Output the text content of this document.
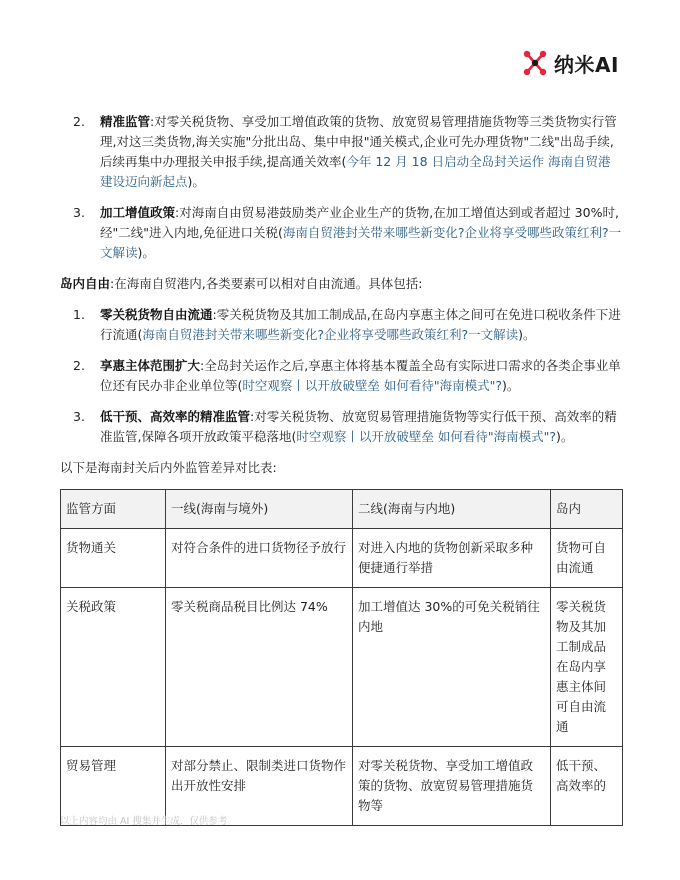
纳米AI
2. 精准监管:对零关税货物、享受加工增值政策的货物、放宽贸易管理措施货物等三类货物实行管理,对这三类货物,海关实施"分批出岛、集中申报"通关模式,企业可先办理货物"二线"出岛手续,后续再集中办理报关申报手续,提高通关效率(今年 12 月 18 日启动全岛封关运作 海南自贸港建设迈向新起点)。
3. 加工增值政策:对海南自由贸易港鼓励类产业企业生产的货物,在加工增值达到或者超过 30%时,经"二线"进入内地,免征进口关税(海南自贸港封关带来哪些新变化?企业将享受哪些政策红利?一文解读)。

岛内自由:在海南自贸港内,各类要素可以相对自由流通。具体包括:

1. 零关税货物自由流通:零关税货物及其加工制成品,在岛内享惠主体之间可在免进口税收条件下进行流通(海南自贸港封关带来哪些新变化?企业将享受哪些政策红利?一文解读)。
2. 享惠主体范围扩大:全岛封关运作之后,享惠主体将基本覆盖全岛有实际进口需求的各类企事业单位还有民办非企业单位等(时空观察丨以开放破壁垒 如何看待"海南模式"?)。
3. 低干预、高效率的精准监管:对零关税货物、放宽贸易管理措施货物等实行低干预、高效率的精准监管,保障各项开放政策平稳落地(时空观察丨以开放破壁垒 如何看待"海南模式"?)。

以下是海南封关后内外监管差异对比表:

监管方面	一线(海南与境外)	二线(海南与内地)	岛内
货物通关	对符合条件的进口货物径予放行	对进入内地的货物创新采取多种便捷通行举措	货物可自由流通
关税政策	零关税商品税目比例达 74%	加工增值达 30%的可免关税销往内地	零关税货物及其加工制成品在岛内享惠主体间可自由流通
贸易管理	对部分禁止、限制类进口货物作出开放性安排	对零关税货物、享受加工增值政策的货物、放宽贸易管理措施货物等	低干预、高效率的
以上内容均由 AI 搜集并生成，仅供参考
